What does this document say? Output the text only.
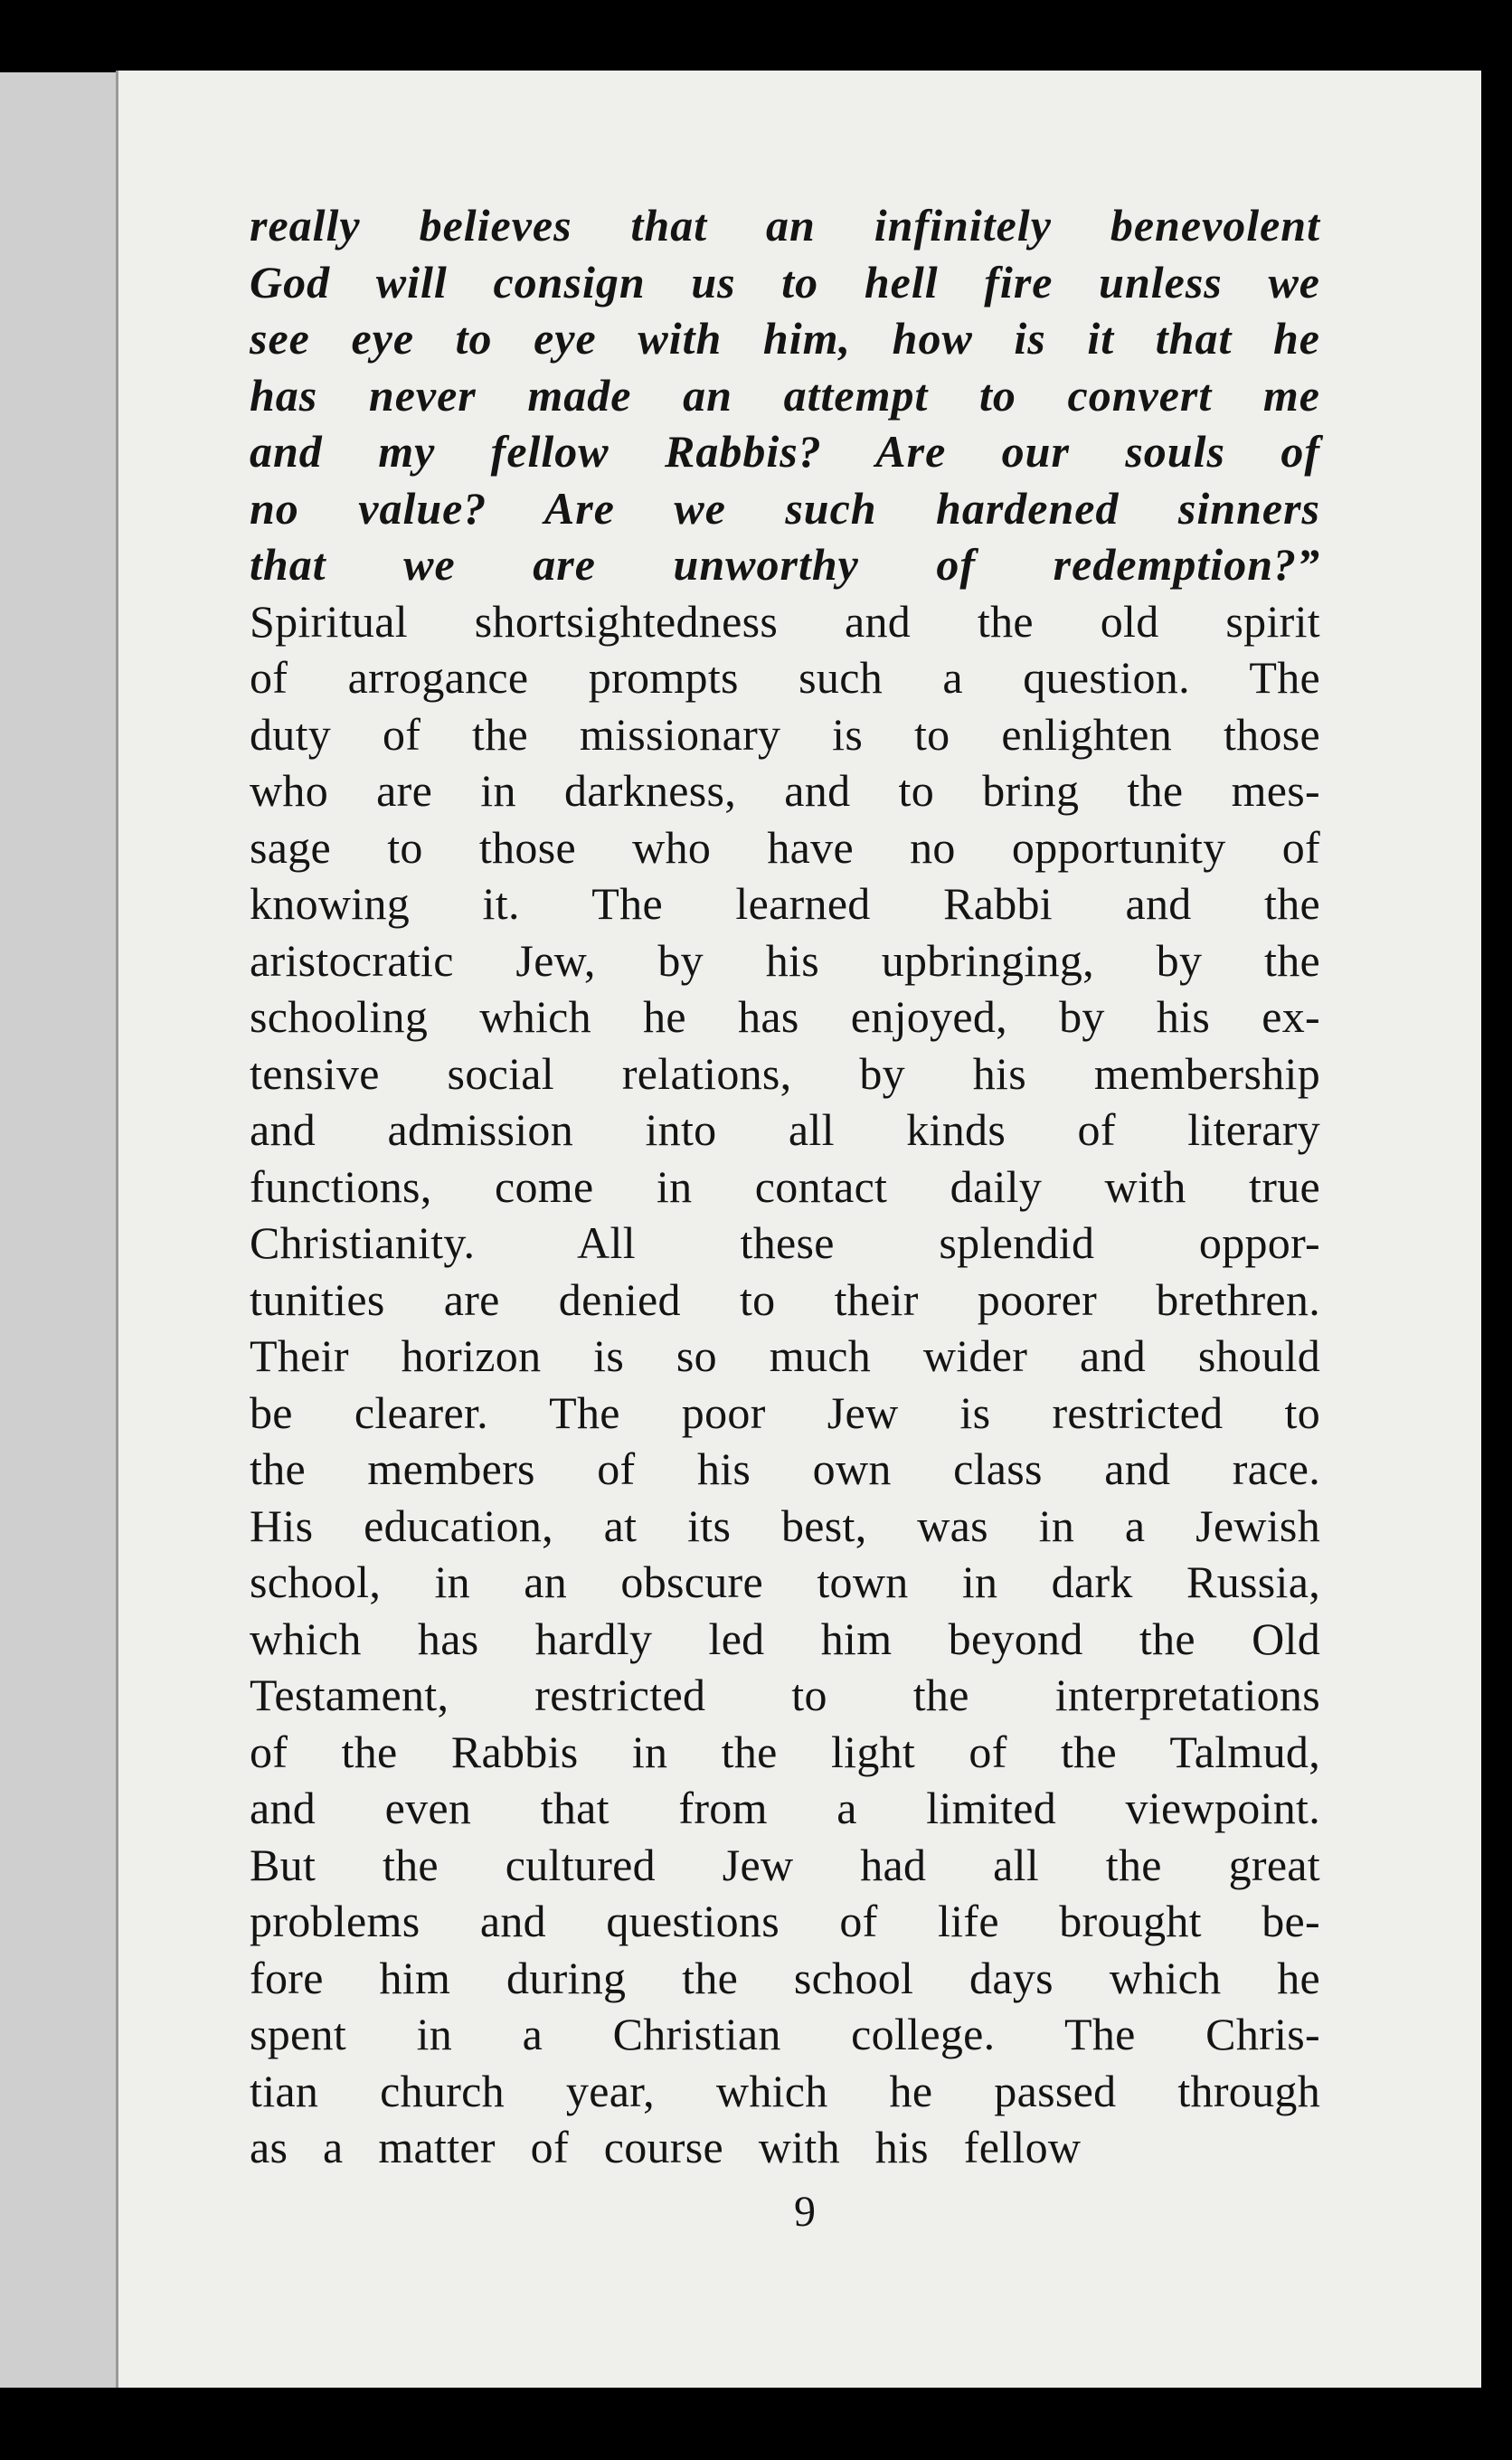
really believes that an infinitely benevolent
God will consign us to hell fire unless we
see eye to eye with him, how is it that he
has never made an attempt to convert me
and my fellow Rabbis? Are our souls of
no value? Are we such hardened sinners
that we are unworthy of redemption?”
Spiritual shortsightedness and the old spirit
of arrogance prompts such a question. The
duty of the missionary is to enlighten those
who are in darkness, and to bring the mes-
sage to those who have no opportunity of
knowing it. The learned Rabbi and the
aristocratic Jew, by his upbringing, by the
schooling which he has enjoyed, by his ex-
tensive social relations, by his membership
and admission into all kinds of literary
functions, come in contact daily with true
Christianity. All these splendid oppor-
tunities are denied to their poorer brethren.
Their horizon is so much wider and should
be clearer. The poor Jew is restricted to
the members of his own class and race.
His education, at its best, was in a Jewish
school, in an obscure town in dark Russia,
which has hardly led him beyond the Old
Testament, restricted to the interpretations
of the Rabbis in the light of the Talmud,
and even that from a limited viewpoint.
But the cultured Jew had all the great
problems and questions of life brought be-
fore him during the school days which he
spent in a Christian college. The Chris-
tian church year, which he passed through
as a matter of course with his fellow
9
